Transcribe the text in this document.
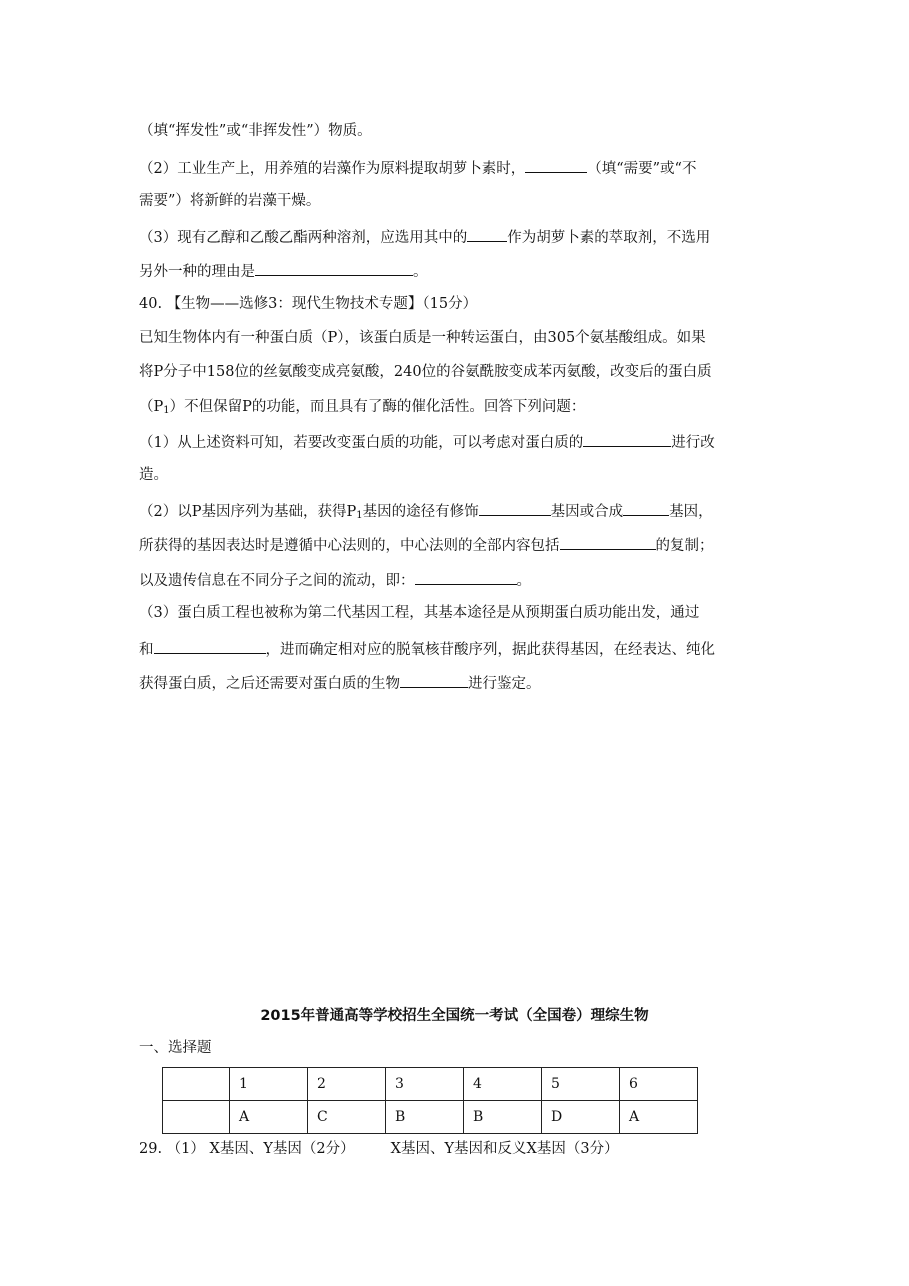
（填“挥发性”或“非挥发性”）物质。
（2）工业生产上，用养殖的岩藻作为原料提取胡萝卜素时，	（填“需要”或“不
需要”）将新鲜的岩藻干燥。
（3）现有乙醇和乙酸乙酯两种溶剂，应选用其中的	作为胡萝卜素的萃取剂，不选用
另外一种的理由是	。
40. 【生物——选修3：现代生物技术专题】（15分）
已知生物体内有一种蛋白质（P），该蛋白质是一种转运蛋白，由305个氨基酸组成。如果
将P分子中158位的丝氨酸变成亮氨酸，240位的谷氨酰胺变成苯丙氨酸，改变后的蛋白质
$(P_1)$不但保留P的功能，而且具有了酶的催化活性。回答下列问题：
（1）从上述资料可知，若要改变蛋白质的功能，可以考虑对蛋白质的	进行改
造。
（2）以P基因序列为基础，获得$P_1$基因的途径有修饰	基因或合成	基因，
所获得的基因表达时是遵循中心法则的，中心法则的全部内容包括	的复制；
以及遗传信息在不同分子之间的流动，即：	。
（3）蛋白质工程也被称为第二代基因工程，其基本途径是从预期蛋白质功能出发，通过
和	，进而确定相对应的脱氧核苷酸序列，据此获得基因，在经表达、纯化
获得蛋白质，之后还需要对蛋白质的生物	进行鉴定。
2015年普通高等学校招生全国统一考试（全国卷）理综生物
一、选择题
	1	2	3	4	5	6
	A	C	B	B	D	A
29. （1） X基因、Y基因（2分） X基因、Y基因和反义X基因（3分）
